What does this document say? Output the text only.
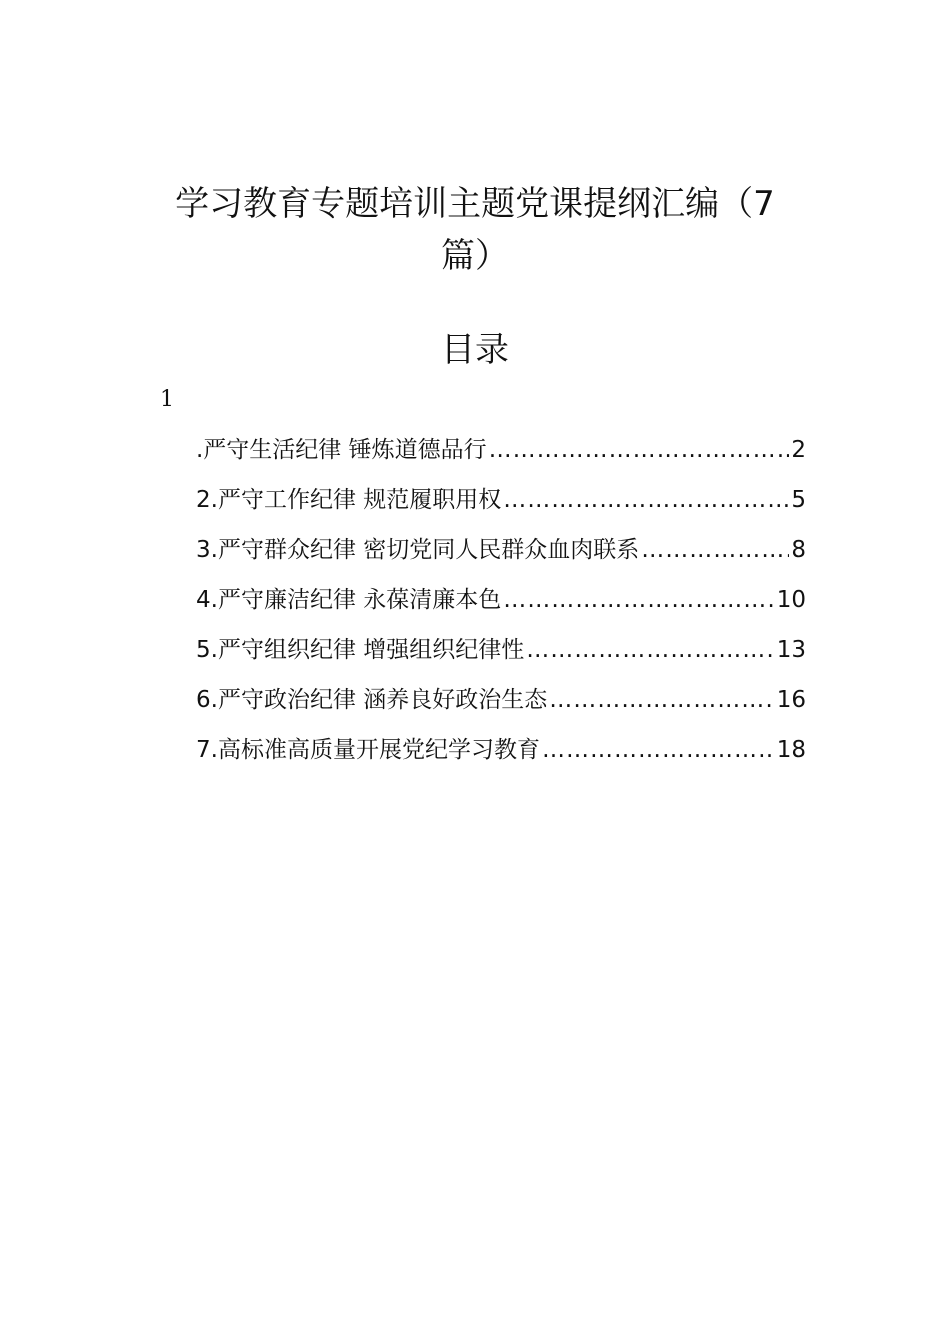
学习教育专题培训主题党课提纲汇编（7
篇）
目录
1
.严守生活纪律 锤炼道德品行 ……………………………………………………………………………………………………………………………………	2
2.严守工作纪律 规范履职用权 ……………………………………………………………………………………………………………………………………	5
3.严守群众纪律 密切党同人民群众血肉联系 ……………………………………………………………………………………………………………………………………	8
4.严守廉洁纪律 永葆清廉本色 ……………………………………………………………………………………………………………………………………	10
5.严守组织纪律 增强组织纪律性 ……………………………………………………………………………………………………………………………………	13
6.严守政治纪律 涵养良好政治生态 ……………………………………………………………………………………………………………………………………	16
7.高标准高质量开展党纪学习教育 ……………………………………………………………………………………………………………………………………	18
